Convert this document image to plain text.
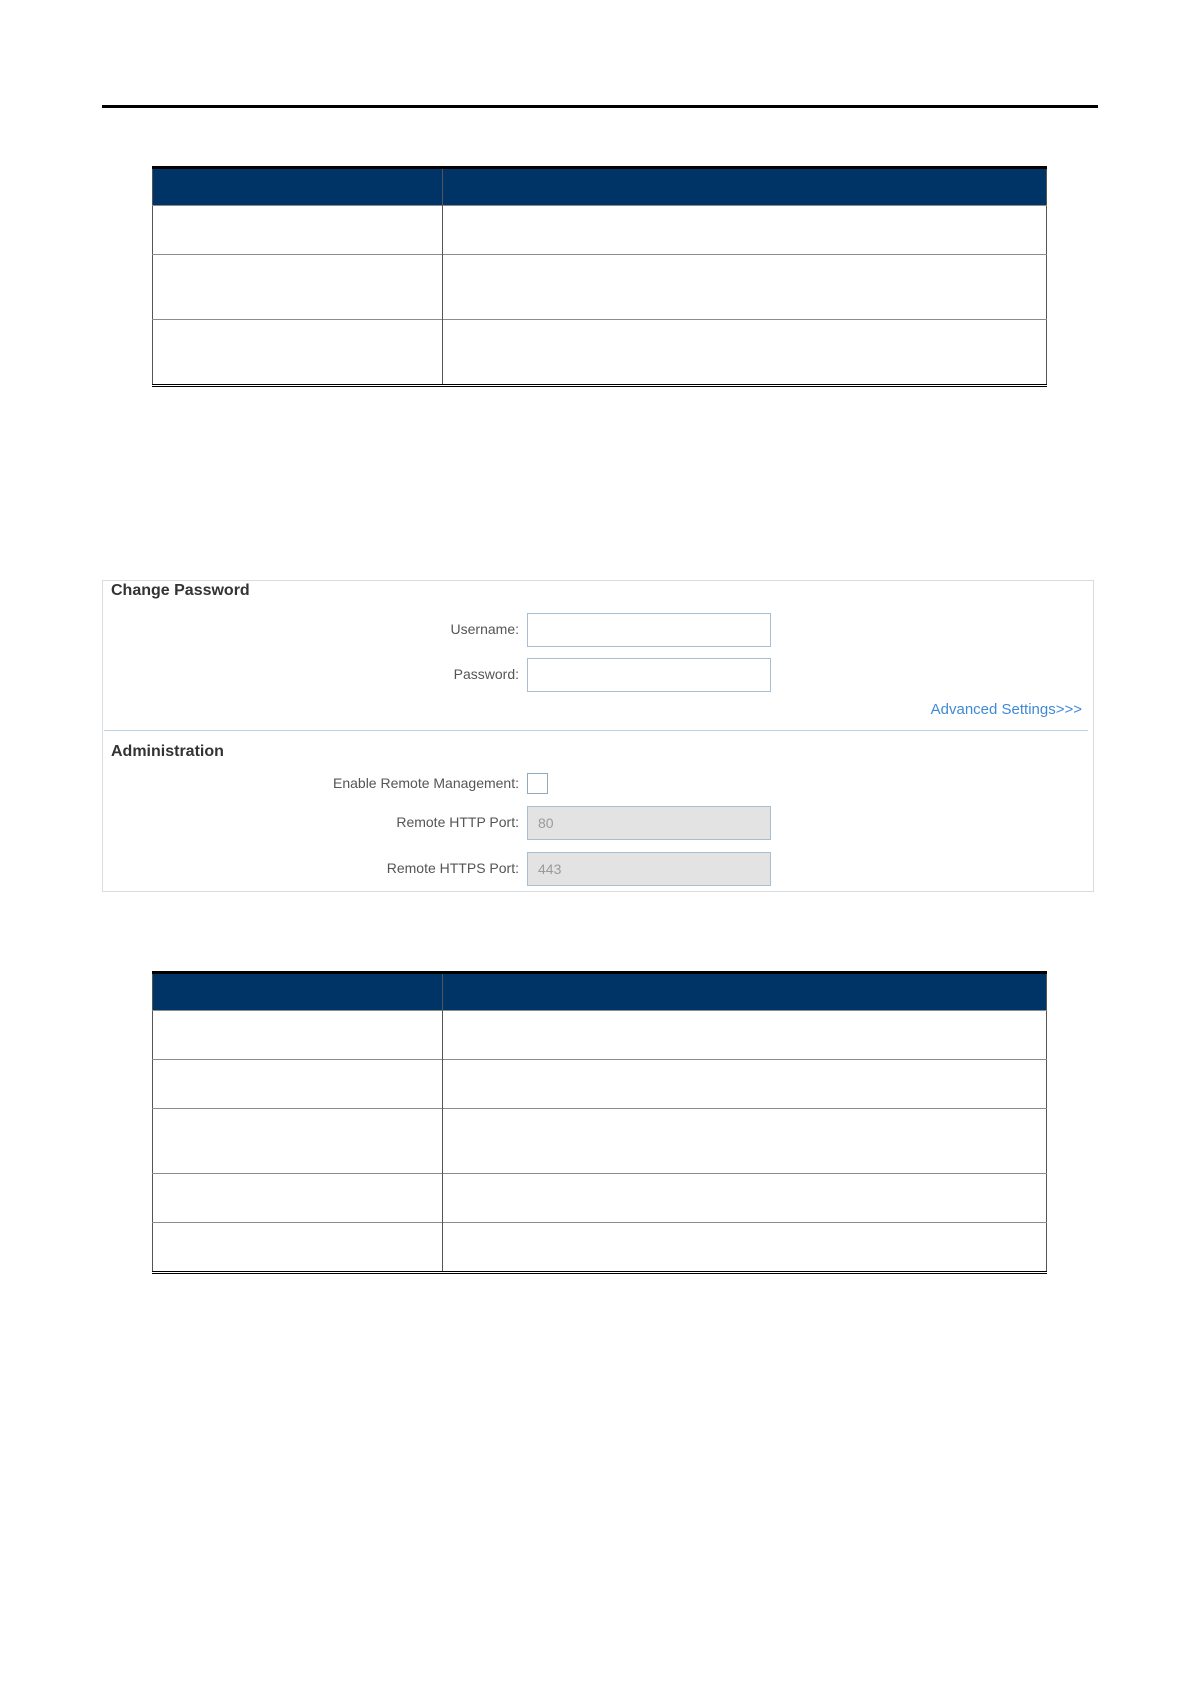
Change Password
Username:
Password:
Advanced Settings>>>
Administration
Enable Remote Management:
Remote HTTP Port:
80
Remote HTTPS Port:
443
